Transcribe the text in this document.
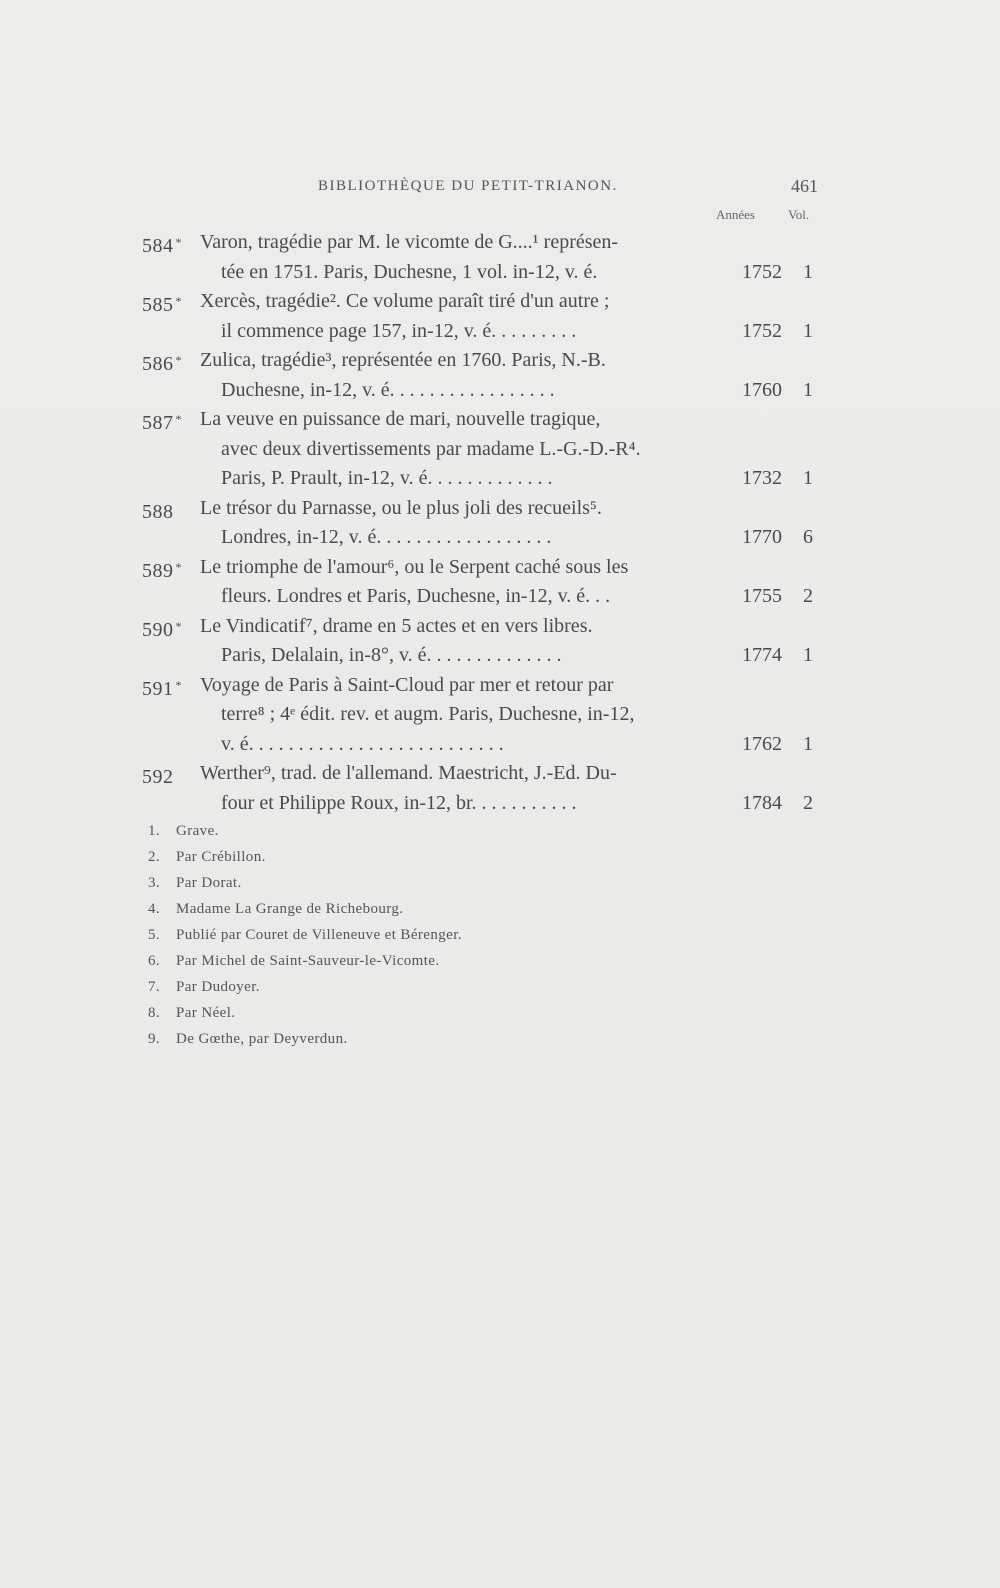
BIBLIOTHÈQUE DU PETIT-TRIANON.	461
Années	Vol.
584 * Varon, tragédie par M. le vicomte de G....¹ représen-
tée en 1751. Paris, Duchesne, 1 vol. in-12, v. é.	1752 1
585 * Xercès, tragédie². Ce volume paraît tiré d'un autre ;
il commence page 157, in-12, v. é. . . . . . . . .	1752 1
586 * Zulica, tragédie³, représentée en 1760. Paris, N.-B.
Duchesne, in-12, v. é. . . . . . . . . . . . . . . . .	1760 1
587 * La veuve en puissance de mari, nouvelle tragique,
avec deux divertissements par madame L.-G.-D.-R⁴.
Paris, P. Prault, in-12, v. é. . . . . . . . . . . . .	1732 1
588 Le trésor du Parnasse, ou le plus joli des recueils⁵.
Londres, in-12, v. é. . . . . . . . . . . . . . . . . .	1770 6
589 * Le triomphe de l'amour⁶, ou le Serpent caché sous les
fleurs. Londres et Paris, Duchesne, in-12, v. é. . .	1755 2
590 * Le Vindicatif⁷, drame en 5 actes et en vers libres.
Paris, Delalain, in-8°, v. é. . . . . . . . . . . . . .	1774 1
591 * Voyage de Paris à Saint-Cloud par mer et retour par
terre⁸ ; 4ᵉ édit. rev. et augm. Paris, Duchesne, in-12,
v. é. . . . . . . . . . . . . . . . . . . . . . . . . .	1762 1
592 Werther⁹, trad. de l'allemand. Maestricht, J.-Ed. Du-
four et Philippe Roux, in-12, br. . . . . . . . . . .	1784 2
1. Grave.
2. Par Crébillon.
3. Par Dorat.
4. Madame La Grange de Richebourg.
5. Publié par Couret de Villeneuve et Bérenger.
6. Par Michel de Saint-Sauveur-le-Vicomte.
7. Par Dudoyer.
8. Par Néel.
9. De Gœthe, par Deyverdun.
